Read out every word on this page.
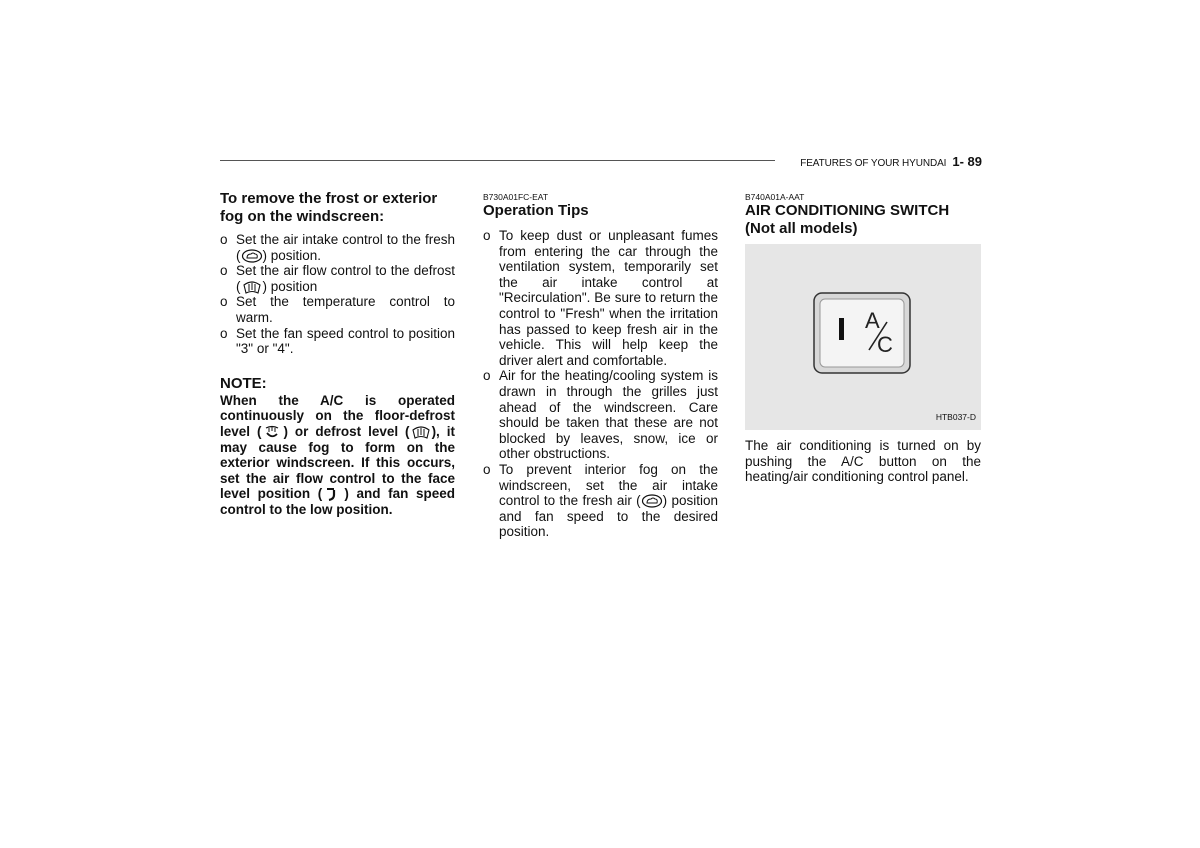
FEATURES OF YOUR HYUNDAI 1- 89

To remove the frost or exterior fog on the windscreen:

o Set the air intake control to the fresh ( ) position.
o Set the air flow control to the defrost ( ) position
o Set the temperature control to warm.
o Set the fan speed control to position "3" or "4".
NOTE:
When the A/C is operated continuously on the floor-defrost level ( ) or defrost level ( ), it may cause fog to form on the exterior windscreen. If this occurs, set the air flow control to the face level position ( ) and fan speed control to the low position.
B730A01FC-EAT

Operation Tips

o To keep dust or unpleasant fumes from entering the car through the ventilation system, temporarily set the air intake control at "Recirculation". Be sure to return the control to "Fresh" when the irritation has passed to keep fresh air in the vehicle. This will help keep the driver alert and comfortable.
o Air for the heating/cooling system is drawn in through the grilles just ahead of the windscreen. Care should be taken that these are not blocked by leaves, snow, ice or other obstructions.
o To prevent interior fog on the windscreen, set the air intake control to the fresh air ( ) position and fan speed to the desired position.
B740A01A-AAT

AIR CONDITIONING SWITCH (Not all models)

A
C
HTB037-D
The air conditioning is turned on by pushing the A/C button on the heating/air conditioning control panel.
